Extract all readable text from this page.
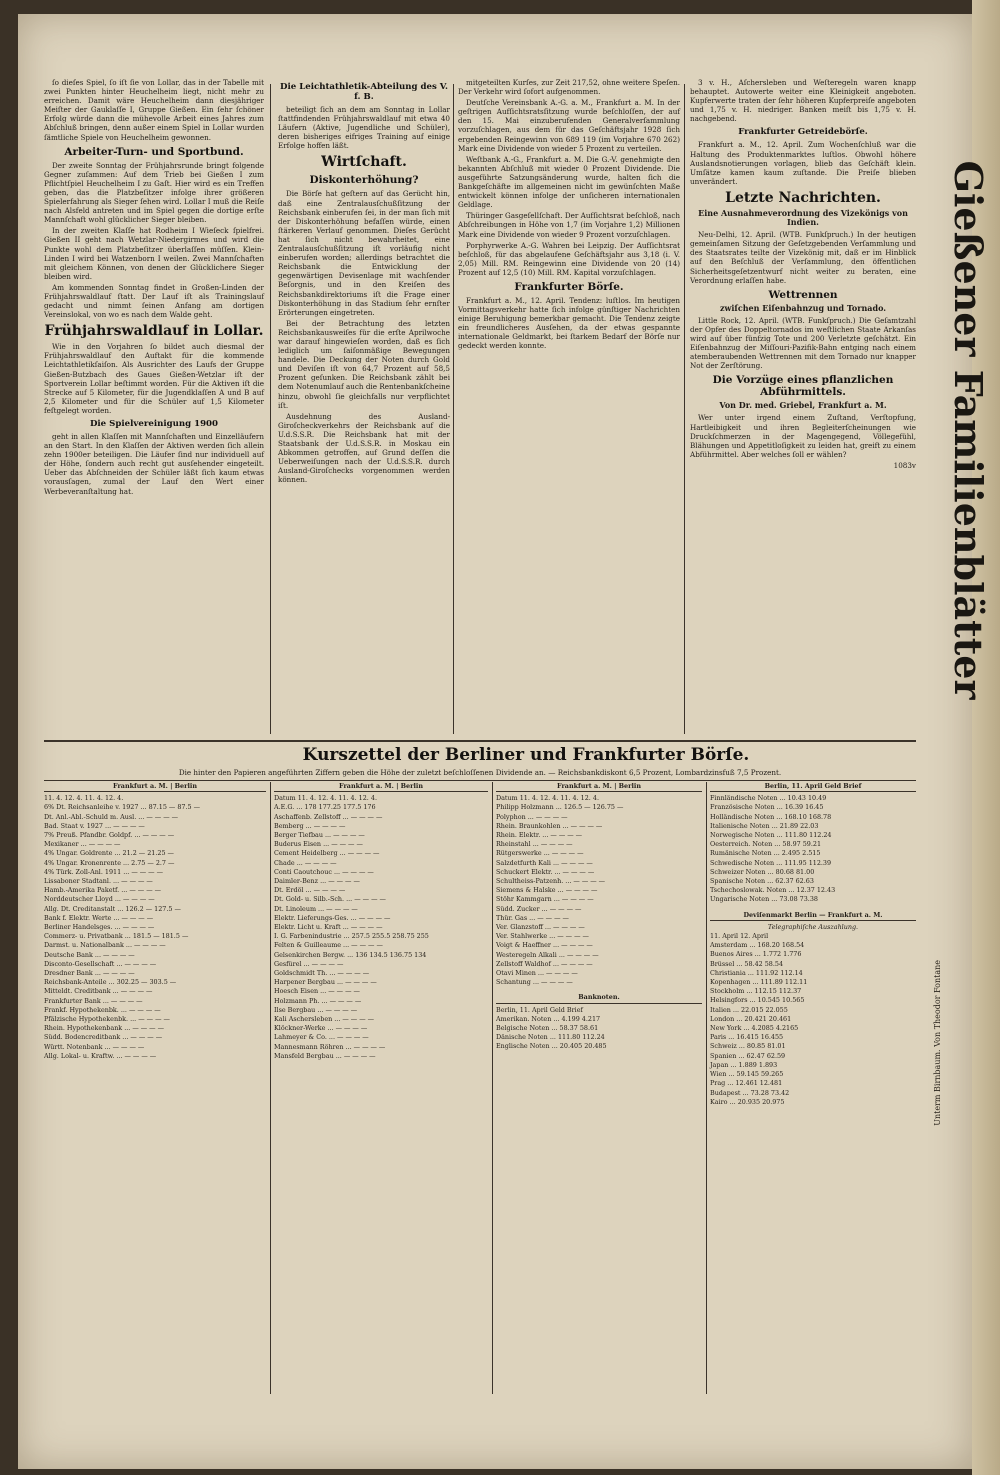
ſo dieſes Spiel, ſo iſt ſie von Lollar, das in der Tabelle mit zwei Punkten hinter Heuchelheim liegt, nicht mehr zu erreichen. Damit wäre Heuchelheim dann diesjähriger Meiſter der Gauklaſſe I, Gruppe Gießen. Ein ſehr ſchöner Erfolg würde dann die mühevolle Arbeit eines Jahres zum Abſchluß bringen, denn außer einem Spiel in Lollar wurden ſämtliche Spiele von Heuchelheim gewonnen.

Arbeiter-Turn- und Sportbund.

Der zweite Sonntag der Frühjahrsrunde bringt folgende Gegner zuſammen: Auf dem Trieb bei Gießen I zum Pflichtſpiel Heuchelheim I zu Gaſt. Hier wird es ein Treffen geben, das die Platzbeſitzer infolge ihrer größeren Spielerfahrung als Sieger ſehen wird. Lollar I muß die Reiſe nach Alsfeld antreten und im Spiel gegen die dortige erſte Mannſchaft wohl glücklicher Sieger bleiben.

In der zweiten Klaſſe hat Rodheim I Wieſeck ſpielfrei. Gießen II geht nach Wetzlar-Niedergirmes und wird die Punkte wohl dem Platzbeſitzer überlaſſen müſſen. Klein-Linden I wird bei Watzenborn I weilen. Zwei Mannſchaften mit gleichem Können, von denen der Glücklichere Sieger bleiben wird.

Am kommenden Sonntag findet in Großen-Linden der Frühjahrswaldlauf ſtatt. Der Lauf iſt als Trainingslauf gedacht und nimmt ſeinen Anfang am dortigen Vereinslokal, von wo es nach dem Walde geht.

Frühjahrswaldlauf in Lollar.

Wie in den Vorjahren ſo bildet auch diesmal der Frühjahrswaldlauf den Auftakt für die kommende Leichtathletikſaiſon. Als Ausrichter des Laufs der Gruppe Gießen-Butzbach des Gaues Gießen-Wetzlar iſt der Sportverein Lollar beſtimmt worden. Für die Aktiven iſt die Strecke auf 5 Kilometer, für die Jugendklaſſen A und B auf 2,5 Kilometer und für die Schüler auf 1,5 Kilometer feſtgelegt worden.

Die Spielvereinigung 1900

geht in allen Klaſſen mit Mannſchaften und Einzelläufern an den Start. In den Klaſſen der Aktiven werden ſich allein zehn 1900er beteiligen. Die Läufer ſind nur individuell auf der Höhe, ſondern auch recht gut ausſehender eingeteilt. Ueber das Abſchneiden der Schüler läßt ſich kaum etwas vorausſagen, zumal der Lauf den Wert einer Werbeveranſtaltung hat.

Die Leichtathletik-Abteilung des V. f. B.

beteiligt ſich an dem am Sonntag in Lollar ſtattfindenden Frühjahrswaldlauf mit etwa 40 Läufern (Aktive, Jugendliche und Schüler), deren bisheriges eifriges Training auf einige Erfolge hoffen läßt.

Wirtſchaft.
Diskonterhöhung?

Die Börſe hat geſtern auf das Gerücht hin, daß eine Zentralausſchußſitzung der Reichsbank einberufen ſei, in der man ſich mit der Diskonterhöhung befaſſen würde, einen ſtärkeren Verlauf genommen. Dieſes Gerücht hat ſich nicht bewahrheitet, eine Zentralausſchußſitzung iſt vorläufig nicht einberufen worden; allerdings betrachtet die Reichsbank die Entwicklung der gegenwärtigen Devisenlage mit wachſender Beſorgnis, und in den Kreiſen des Reichsbankdirektoriums iſt die Frage einer Diskonterhöhung in das Stadium ſehr ernſter Erörterungen eingetreten.

Bei der Betrachtung des letzten Reichsbankausweiſes für die erſte Aprilwoche war darauf hingewieſen worden, daß es ſich lediglich um ſaiſonmäßige Bewegungen handele. Die Deckung der Noten durch Gold und Deviſen iſt von 64,7 Prozent auf 58,5 Prozent geſunken. Die Reichsbank zählt bei dem Notenumlauf auch die Rentenbankſcheine hinzu, obwohl ſie gleichfalls nur verpflichtet iſt.

Ausdehnung des Ausland-Giroſcheckverkehrs der Reichsbank auf die U.d.S.S.R. Die Reichsbank hat mit der Staatsbank der U.d.S.S.R. in Moskau ein Abkommen getroffen, auf Grund deſſen die Ueberweiſungen nach der U.d.S.S.R. durch Ausland-Giroſchecks vorgenommen werden können.

mitgeteilten Kurſes, zur Zeit 217,52, ohne weitere Speſen. Der Verkehr wird ſofort aufgenommen.

Deutſche Vereinsbank A.-G. a. M., Frankfurt a. M. In der geſtrigen Aufſichtsratsſitzung wurde beſchloſſen, der auf den 15. Mai einzuberufenden Generalverſammlung vorzuſchlagen, aus dem für das Geſchäftsjahr 1928 ſich ergebenden Reingewinn von 689 119 (im Vorjahre 670 262) Mark eine Dividende von wieder 5 Prozent zu verteilen.

Weſtbank A.-G., Frankfurt a. M. Die G.-V. genehmigte den bekannten Abſchluß mit wieder 0 Prozent Dividende. Die ausgeführte Satzungsänderung wurde, halten ſich die Bankgeſchäfte im allgemeinen nicht im gewünſchten Maße entwickelt können infolge der unſicheren internationalen Geldlage.

Thüringer Gasgeſellſchaft. Der Aufſichtsrat beſchloß, nach Abſchreibungen in Höhe von 1,7 (im Vorjahre 1,2) Millionen Mark eine Dividende von wieder 9 Prozent vorzuſchlagen.

Porphyrwerke A.-G. Wahren bei Leipzig. Der Aufſichtsrat beſchloß, für das abgelaufene Geſchäftsjahr aus 3,18 (i. V. 2,05) Mill. RM. Reingewinn eine Dividende von 20 (14) Prozent auf 12,5 (10) Mill. RM. Kapital vorzuſchlagen.

Frankfurter Börſe.

Frankfurt a. M., 12. April. Tendenz: luſtlos. Im heutigen Vormittagsverkehr hatte ſich infolge günſtiger Nachrichten einige Beruhigung bemerkbar gemacht. Die Tendenz zeigte ein freundlicheres Ausſehen, da der etwas gespannte internationale Geldmarkt, bei ſtarkem Bedarf der Börſe nur gedeckt werden konnte.

3 v. H., Aſchersleben und Weſteregeln waren knapp behauptet. Autowerte weiter eine Kleinigkeit angeboten. Kupferwerte traten der ſehr höheren Kupferpreiſe angeboten und 1,75 v. H. niedriger. Banken meiſt bis 1,75 v. H. nachgebend.

Frankfurter Getreidebörſe.

Frankfurt a. M., 12. April. Zum Wochenſchluß war die Haltung des Produktenmarktes luſtlos. Obwohl höhere Auslandsnotierungen vorlagen, blieb das Geſchäft klein. Umſätze kamen kaum zuſtande. Die Preiſe blieben unverändert.

Letzte Nachrichten.
Eine Ausnahmeverordnung des Vizekönigs von Indien.

Neu-Delhi, 12. April. (WTB. Funkſpruch.) In der heutigen gemeinſamen Sitzung der Geſetzgebenden Verſammlung und des Staatsrates teilte der Vizekönig mit, daß er im Hinblick auf den Beſchluß der Verſammlung, den öffentlichen Sicherheitsgeſetzentwurf nicht weiter zu beraten, eine Verordnung erlaſſen habe.

Wettrennen
zwiſchen Eiſenbahnzug und Tornado.

Little Rock, 12. April. (WTB. Funkſpruch.) Die Geſamtzahl der Opfer des Doppeltornados im weſtlichen Staate Arkanſas wird auf über fünfzig Tote und 200 Verletzte geſchätzt. Ein Eiſenbahnzug der Miſſouri-Pazifik-Bahn entging nach einem atemberaubenden Wettrennen mit dem Tornado nur knapper Not der Zerſtörung.

Die Vorzüge eines pflanzlichen Abführmittels.
Von Dr. med. Griebel, Frankfurt a. M.

Wer unter irgend einem Zuſtand, Verſtopfung, Hartleibigkeit und ihren Begleiterſcheinungen wie Druckſchmerzen in der Magengegend, Völlegefühl, Blähungen und Appetitloſigkeit zu leiden hat, greift zu einem Abführmittel. Aber welches ſoll er wählen?

1083v Gießener Familienblätter
Unterm Birnbaum. Von Theodor Fontane
Kurszettel der Berliner und Frankfurter Börſe.
Die hinter den Papieren angeführten Ziffern geben die Höhe der zuletzt beſchloſſenen Dividende an. — Reichsbankdiskont 6,5 Prozent, Lombardzinsfuß 7,5 Prozent.
Frankfurt a. M. | Berlin
11. 4. 12. 4. 11. 4. 12. 4.
6% Dt. Reichsanleihe v. 1927 ... 87.15 — 87.5 —
Dt. Anl.-Abl.-Schuld m. Ausl. ... — — — —
Bad. Staat v. 1927 ... — — — —
7% Preuß. Pfandbr. Goldpf. ... — — — —
Mexikaner ... — — — —
4% Ungar. Goldrente ... 21.2 — 21.25 —
4% Ungar. Kronenrente ... 2.75 — 2.7 —
4% Türk. Zoll-Anl. 1911 ... — — — —
Lissaboner Stadtanl. ... — — — —
Hamb.-Amerika Paketf. ... — — — —
Norddeutscher Lloyd ... — — — —
Allg. Dt. Creditanstalt ... 126.2 — 127.5 —
Bank f. Elektr. Werte ... — — — —
Berliner Handelsges. ... — — — —
Commerz- u. Privatbank ... 181.5 — 181.5 —
Darmst. u. Nationalbank ... — — — —
Deutsche Bank ... — — — —
Disconto-Gesellschaft ... — — — —
Dresdner Bank ... — — — —
Reichsbank-Anteile ... 302.25 — 303.5 —
Mitteldt. Creditbank ... — — — —
Frankfurter Bank ... — — — —
Frankf. Hypothekenbk. ... — — — —
Pfälzische Hypothekenbk. ... — — — —
Rhein. Hypothekenbank ... — — — —
Südd. Bodencreditbank ... — — — —
Württ. Notenbank ... — — — —
Allg. Lokal- u. Kraftw. ... — — — —
Frankfurt a. M. | Berlin
Datum 11. 4. 12. 4. 11. 4. 12. 4.
A.E.G. ... 178 177.25 177.5 176
Aschaffenb. Zellstoff ... — — — —
Bemberg ... — — — —
Berger Tiefbau ... — — — —
Buderus Eisen ... — — — —
Cement Heidelberg ... — — — —
Chade ... — — — —
Conti Caoutchouc ... — — — —
Daimler-Benz ... — — — —
Dt. Erdöl ... — — — —
Dt. Gold- u. Silb.-Sch. ... — — — —
Dt. Linoleum ... — — — —
Elektr. Lieferungs-Ges. ... — — — —
Elektr. Licht u. Kraft ... — — — —
I. G. Farbenindustrie ... 257.5 255.5 258.75 255
Felten & Guilleaume ... — — — —
Gelsenkirchen Bergw. ... 136 134.5 136.75 134
Gesfürel ... — — — —
Goldschmidt Th. ... — — — —
Harpener Bergbau ... — — — —
Hoesch Eisen ... — — — —
Holzmann Ph. ... — — — —
Ilse Bergbau ... — — — —
Kali Aschersleben ... — — — —
Klöckner-Werke ... — — — —
Lahmeyer & Co. ... — — — —
Mannesmann Röhren ... — — — —
Mansfeld Bergbau ... — — — —
Frankfurt a. M. | Berlin
Datum 11. 4. 12. 4. 11. 4. 12. 4.
Philipp Holzmann ... 126.5 — 126.75 —
Polyphon ... — — — —
Rhein. Braunkohlen ... — — — —
Rhein. Elektr. ... — — — —
Rheinstahl ... — — — —
Rütgerswerke ... — — — —
Salzdetfurth Kali ... — — — —
Schuckert Elektr. ... — — — —
Schultheiss-Patzenh. ... — — — —
Siemens & Halske ... — — — —
Stöhr Kammgarn ... — — — —
Südd. Zucker ... — — — —
Thür. Gas ... — — — —
Ver. Glanzstoff ... — — — —
Ver. Stahlwerke ... — — — —
Voigt & Haeffner ... — — — —
Westeregeln Alkali ... — — — —
Zellstoff Waldhof ... — — — —
Otavi Minen ... — — — —
Schantung ... — — — —
Banknoten.
Berlin, 11. April Geld Brief
Amerikan. Noten ... 4.199 4.217
Belgische Noten ... 58.37 58.61
Dänische Noten ... 111.80 112.24
Englische Noten ... 20.405 20.485
Berlin, 11. April Geld Brief
Finnländische Noten ... 10.43 10.49
Französische Noten ... 16.39 16.45
Holländische Noten ... 168.10 168.78
Italienische Noten ... 21.89 22.03
Norwegische Noten ... 111.80 112.24
Oesterreich. Noten ... 58.97 59.21
Rumänische Noten ... 2.495 2.515
Schwedische Noten ... 111.95 112.39
Schweizer Noten ... 80.68 81.00
Spanische Noten ... 62.37 62.63
Tschechoslowak. Noten ... 12.37 12.43
Ungarische Noten ... 73.08 73.38
Deviſenmarkt Berlin — Frankfurt a. M.
Telegraphiſche Auszahlung.
11. April 12. April
Amsterdam ... 168.20 168.54
Buenos Aires ... 1.772 1.776
Brüssel ... 58.42 58.54
Christiania ... 111.92 112.14
Kopenhagen ... 111.89 112.11
Stockholm ... 112.15 112.37
Helsingfors ... 10.545 10.565
Italien ... 22.015 22.055
London ... 20.421 20.461
New York ... 4.2085 4.2165
Paris ... 16.415 16.455
Schweiz ... 80.85 81.01
Spanien ... 62.47 62.59
Japan ... 1.889 1.893
Wien ... 59.145 59.265
Prag ... 12.461 12.481
Budapest ... 73.28 73.42
Kairo ... 20.935 20.975
